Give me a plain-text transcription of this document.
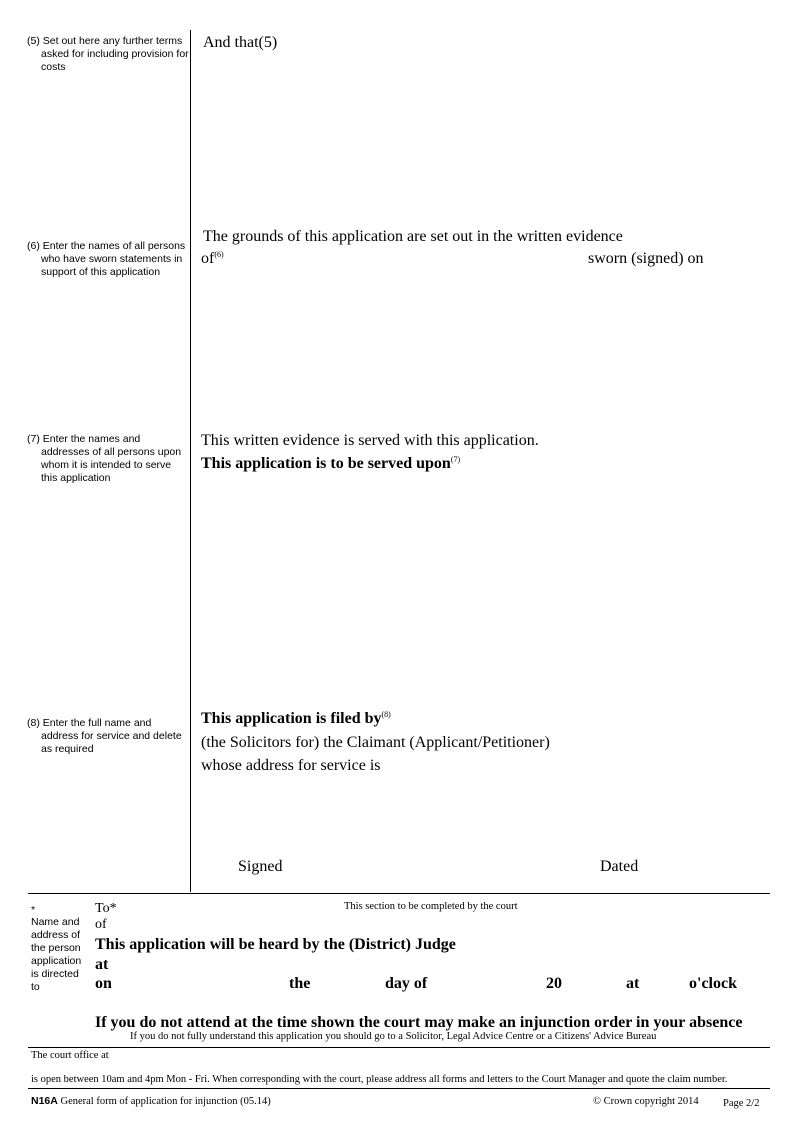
(5) Set out here any further terms asked for including provision for costs
(6) Enter the names of all persons who have sworn statements in support of this application
(7) Enter the names and addresses of all persons upon whom it is intended to serve this application
(8) Enter the full name and address for service and delete as required
And that(5)
The grounds of this application are set out in the written evidence
$of^{(6)}$	sworn (signed) on
This written evidence is served with this application.
This application is to be served upon$^{(7)}$
This application is filed $by^{(8)}$
(the Solicitors for) the Claimant (Applicant/Petitioner)
whose address for service is
Signed	Dated
*
Name and address of the person application is directed to
To*
of
This section to be completed by the court
This application will be heard by the (District) Judge
at
on	the	day of	20	at	o'clock
If you do not attend at the time shown the court may make an injunction order in your absence
If you do not fully understand this application you should go to a Solicitor, Legal Advice Centre or a Citizens' Advice Bureau
The court office at
is open between 10am and 4pm Mon - Fri. When corresponding with the court, please address all forms and letters to the Court Manager and quote the claim number.
N16A General form of application for injunction (05.14)	© Crown copyright 2014 Page 2/2
